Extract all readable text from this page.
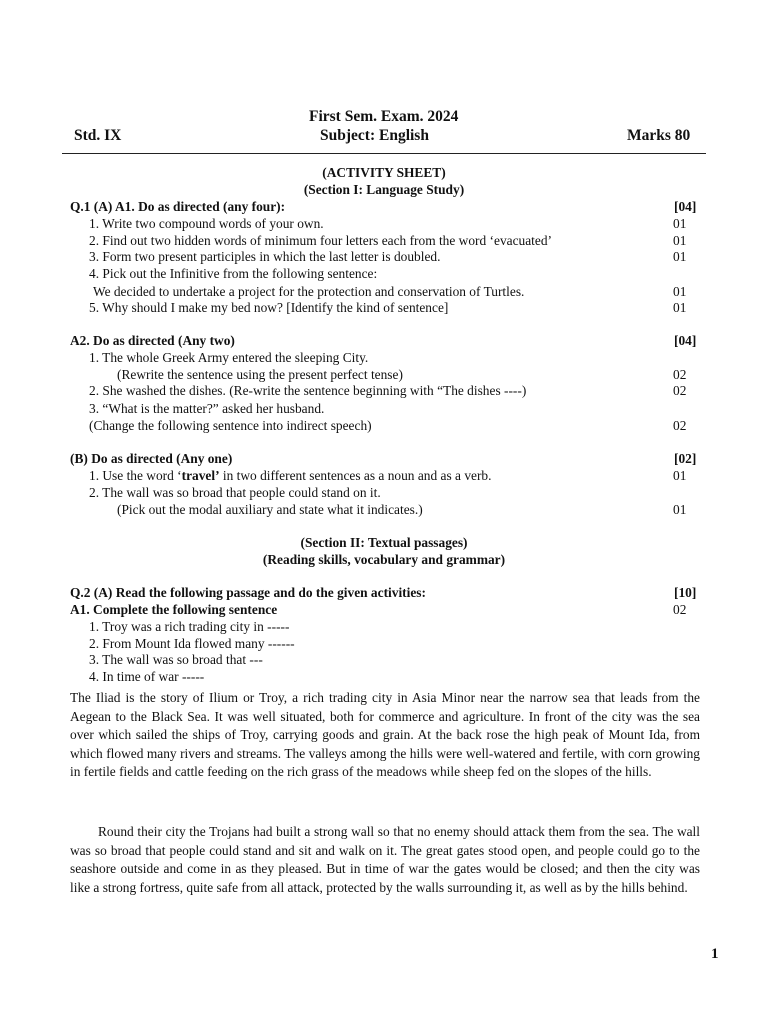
First Sem. Exam. 2024
Std. IX	Subject: English	Marks 80
(ACTIVITY SHEET)
(Section I: Language Study)
Q.1 (A) A1. Do as directed (any four):	[04]
1. Write two compound words of your own.	01
2. Find out two hidden words of minimum four letters each from the word ‘evacuated’	01
3. Form two present participles in which the last letter is doubled.	01
4. Pick out the Infinitive from the following sentence:
We decided to undertake a project for the protection and conservation of Turtles.	01
5. Why should I make my bed now? [Identify the kind of sentence]	01
A2. Do as directed (Any two)	[04]
1. The whole Greek Army entered the sleeping City.
(Rewrite the sentence using the present perfect tense)	02
2. She washed the dishes. (Re-write the sentence beginning with “The dishes ----)	02
3. “What is the matter?” asked her husband.
(Change the following sentence into indirect speech)	02
(B) Do as directed (Any one)	[02]
1. Use the word ‘travel’ in two different sentences as a noun and as a verb.	01
2. The wall was so broad that people could stand on it.
(Pick out the modal auxiliary and state what it indicates.)	01
(Section II: Textual passages)
(Reading skills, vocabulary and grammar)
Q.2 (A) Read the following passage and do the given activities:	[10]
A1. Complete the following sentence	02
1. Troy was a rich trading city in -----
2. From Mount Ida flowed many ------
3. The wall was so broad that ---
4. In time of war -----
The Iliad is the story of Ilium or Troy, a rich trading city in Asia Minor near the narrow sea that leads from the Aegean to the Black Sea. It was well situated, both for commerce and agriculture. In front of the city was the sea over which sailed the ships of Troy, carrying goods and grain. At the back rose the high peak of Mount Ida, from which flowed many rivers and streams. The valleys among the hills were well-watered and fertile, with corn growing in fertile fields and cattle feeding on the rich grass of the meadows while sheep fed on the slopes of the hills.
Round their city the Trojans had built a strong wall so that no enemy should attack them from the sea. The wall was so broad that people could stand and sit and walk on it. The great gates stood open, and people could go to the seashore outside and come in as they pleased. But in time of war the gates would be closed; and then the city was like a strong fortress, quite safe from all attack, protected by the walls surrounding it, as well as by the hills behind.
1
